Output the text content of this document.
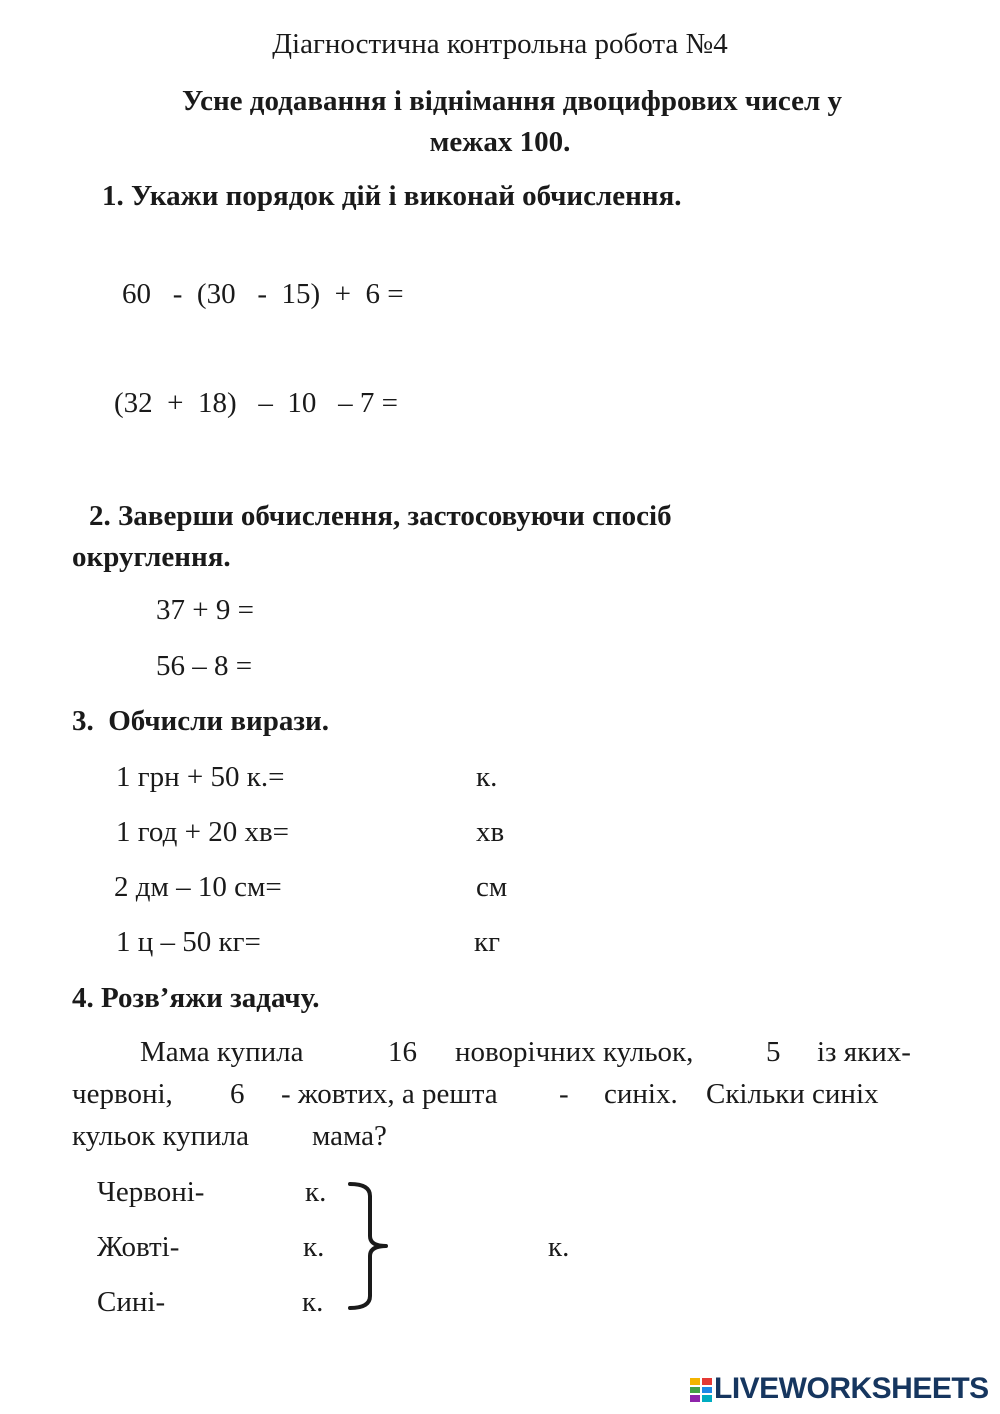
Діагностична контрольна робота №4
Усне додавання і віднімання двоцифрових чисел у
межах 100.
1. Укажи порядок дій і виконай обчислення.
60   -  (30   -  15)  +  6 =
(32  +  18)   –  10   – 7 =
2. Заверши обчислення, застосовуючи спосіб
округлення.
37 + 9 =
56 – 8 =
3.  Обчисли вирази.
1 грн + 50 к.=	к.
1 год + 20 хв=	хв
2 дм – 10 см=	см
1 ц – 50 кг=	кг
4. Розв’яжи задачу.
Мама купила	16 новорічних кульок,	5 із яких-
червоні, 6 - жовтих, а решта - синіх. Скільки синіх
кульок купила мама?
Червоні-	к.
Жовті-	к.
Сині-	к.
к.
LIVEWORKSHEETS
